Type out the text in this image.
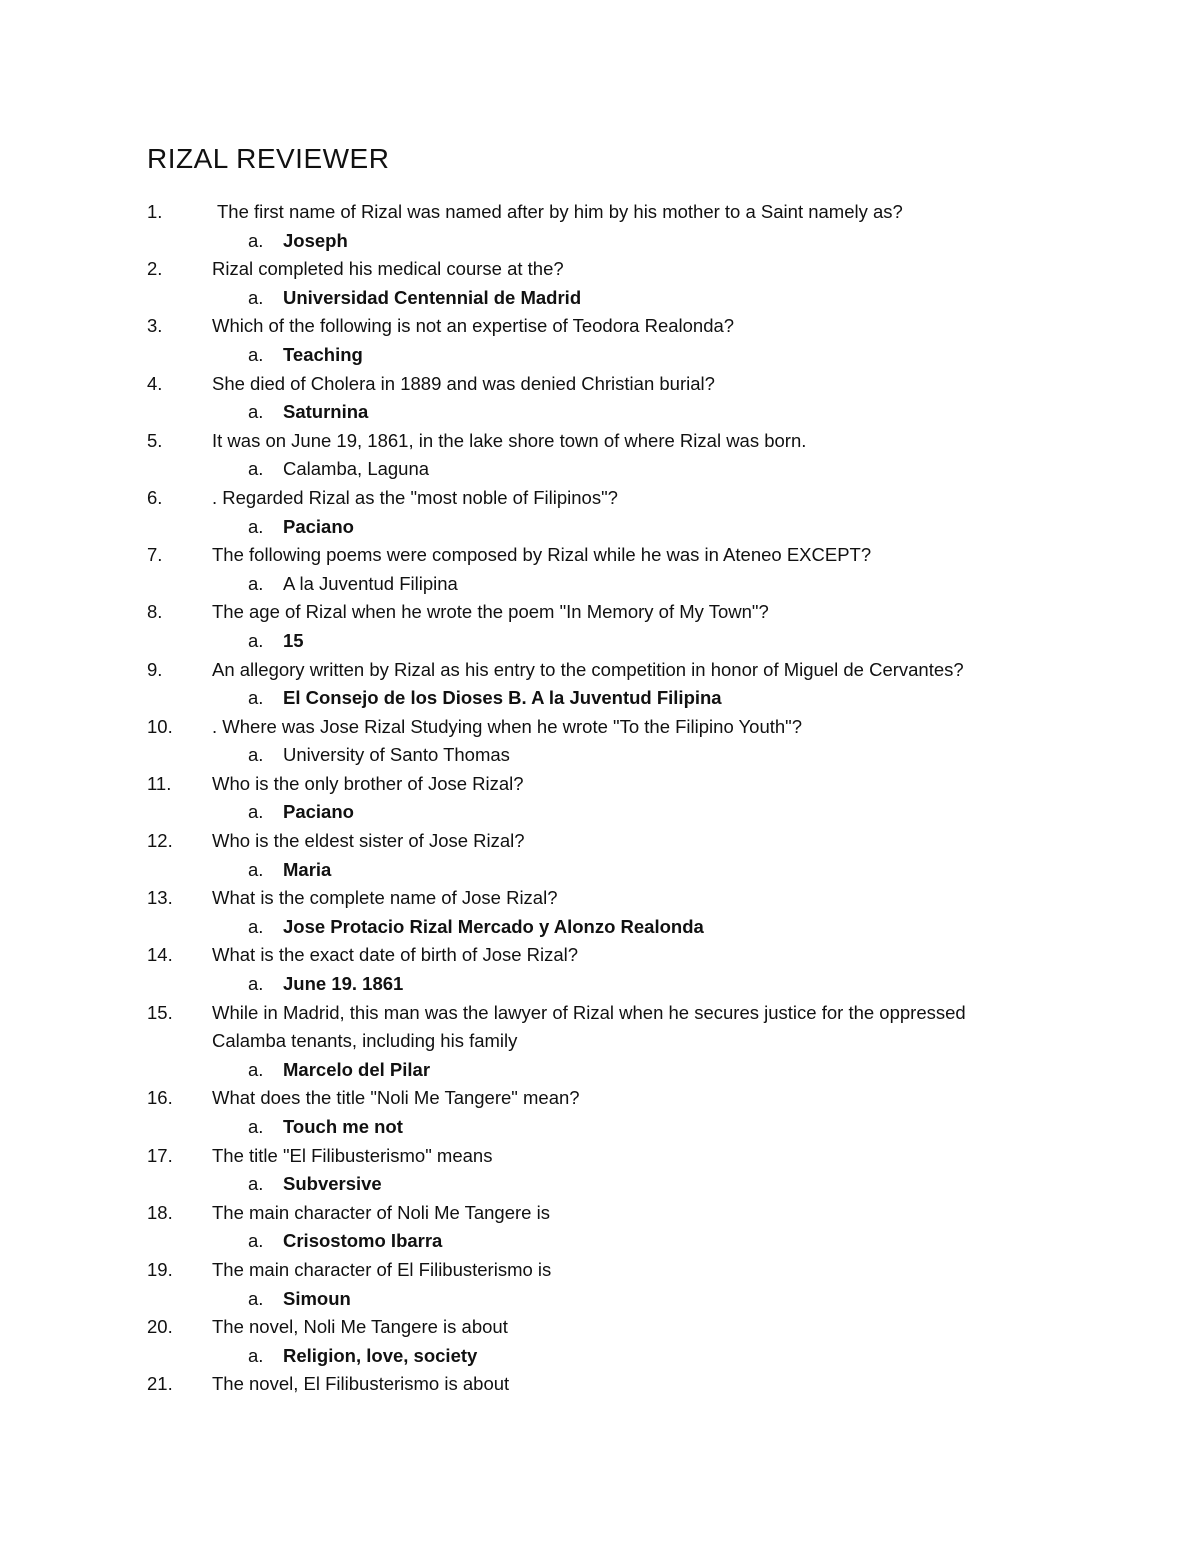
RIZAL REVIEWER
1.	The first name of Rizal was named after by him by his mother to a Saint namely as?
a. Joseph
2.	Rizal completed his medical course at the?
a. Universidad Centennial de Madrid
3.	Which of the following is not an expertise of Teodora Realonda?
a. Teaching
4.	She died of Cholera in 1889 and was denied Christian burial?
a. Saturnina
5.	It was on June 19, 1861, in the lake shore town of where Rizal was born.
a. Calamba, Laguna
6.	. Regarded Rizal as the "most noble of Filipinos"?
a. Paciano
7.	The following poems were composed by Rizal while he was in Ateneo EXCEPT?
a. A la Juventud Filipina
8.	The age of Rizal when he wrote the poem "In Memory of My Town"?
a. 15
9.	An allegory written by Rizal as his entry to the competition in honor of Miguel de Cervantes?
a. El Consejo de los Dioses B. A la Juventud Filipina
10.	. Where was Jose Rizal Studying when he wrote "To the Filipino Youth"?
a. University of Santo Thomas
11.	Who is the only brother of Jose Rizal?
a. Paciano
12.	Who is the eldest sister of Jose Rizal?
a. Maria
13.	What is the complete name of Jose Rizal?
a. Jose Protacio Rizal Mercado y Alonzo Realonda
14.	What is the exact date of birth of Jose Rizal?
a. June 19. 1861
15.	While in Madrid, this man was the lawyer of Rizal when he secures justice for the oppressed Calamba tenants, including his family
a. Marcelo del Pilar
16.	What does the title "Noli Me Tangere" mean?
a. Touch me not
17.	The title "El Filibusterismo" means
a. Subversive
18.	The main character of Noli Me Tangere is
a. Crisostomo Ibarra
19.	The main character of El Filibusterismo is
a. Simoun
20.	The novel, Noli Me Tangere is about
a. Religion, love, society
21.	The novel, El Filibusterismo is about
